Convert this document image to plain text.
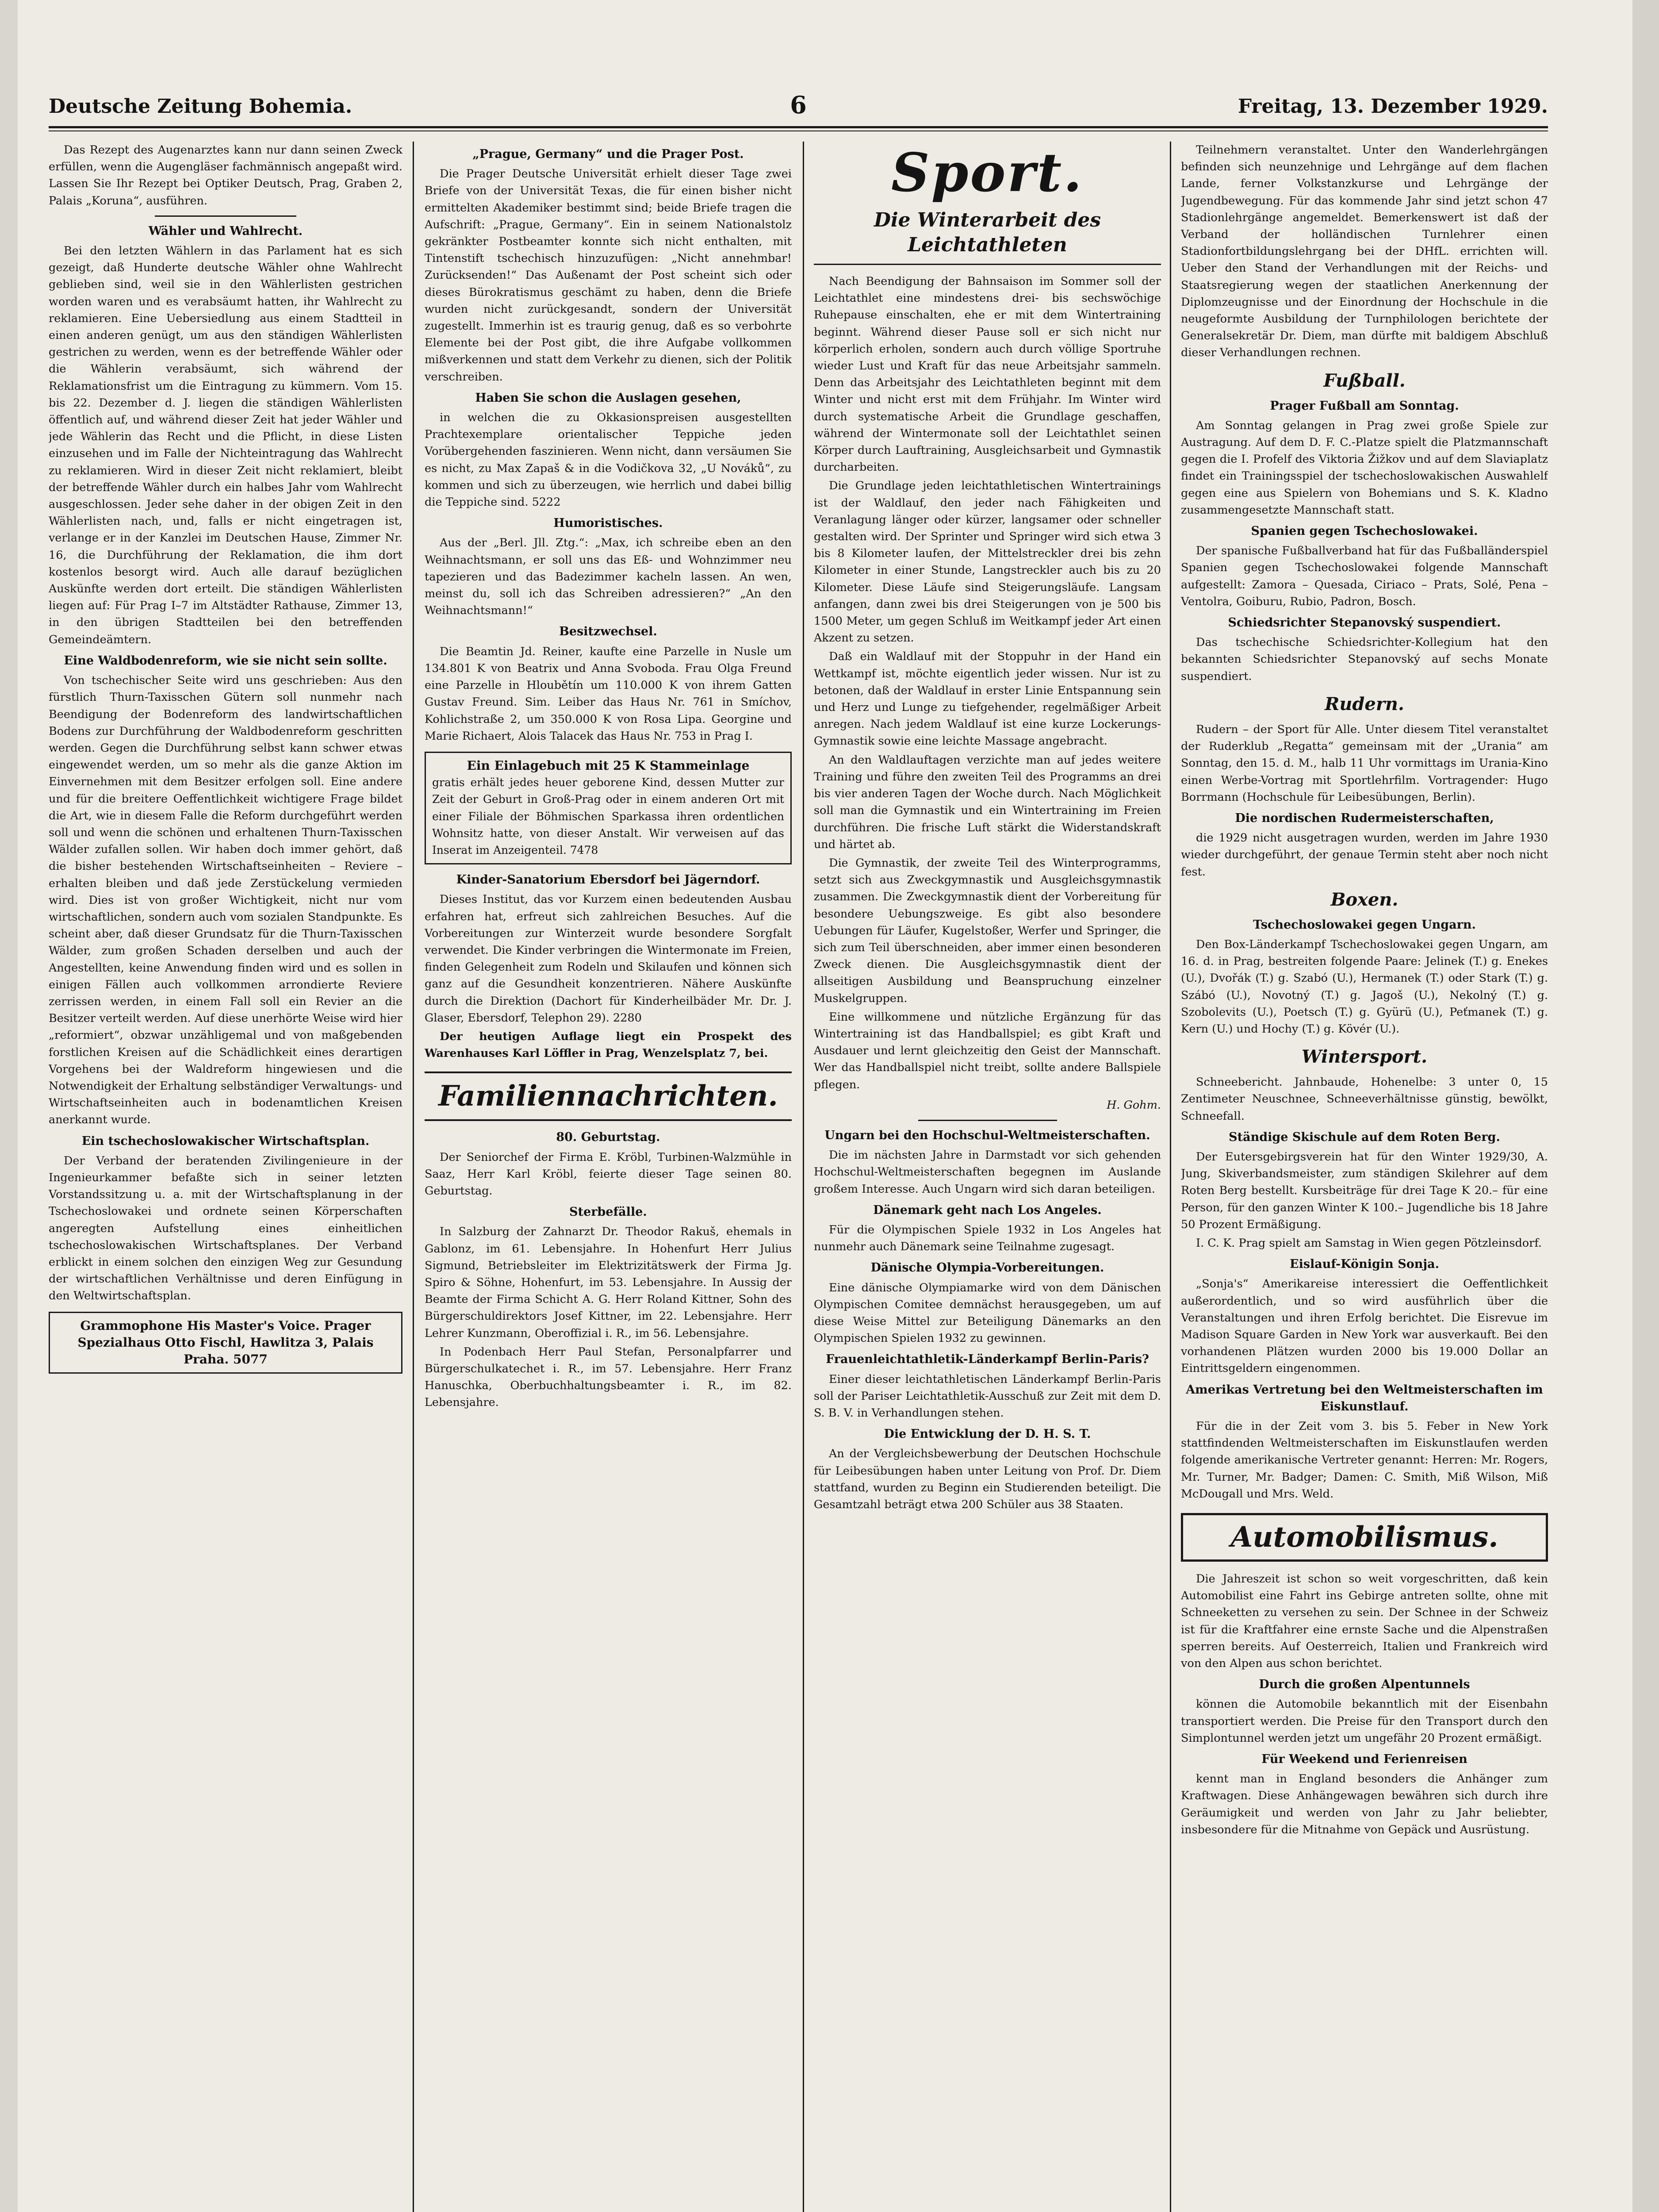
Deutsche Zeitung Bohemia.	6	Freitag, 13. Dezember 1929.

Das Rezept des Augenarztes kann nur dann seinen Zweck erfüllen, wenn die Augengläser fachmännisch angepaßt wird. Lassen Sie Ihr Rezept bei Optiker Deutsch, Prag, Graben 2, Palais „Koruna“, ausführen.

Wähler und Wahlrecht.

Bei den letzten Wählern in das Parlament hat es sich gezeigt, daß Hunderte deutsche Wähler ohne Wahlrecht geblieben sind, weil sie in den Wählerlisten gestrichen worden waren und es verabsäumt hatten, ihr Wahlrecht zu reklamieren. Eine Uebersiedlung aus einem Stadtteil in einen anderen genügt, um aus den ständigen Wählerlisten gestrichen zu werden, wenn es der betreffende Wähler oder die Wählerin verabsäumt, sich während der Reklamationsfrist um die Eintragung zu kümmern. Vom 15. bis 22. Dezember d. J. liegen die ständigen Wählerlisten öffentlich auf, und während dieser Zeit hat jeder Wähler und jede Wählerin das Recht und die Pflicht, in diese Listen einzusehen und im Falle der Nichteintragung das Wahlrecht zu reklamieren. Wird in dieser Zeit nicht reklamiert, bleibt der betreffende Wähler durch ein halbes Jahr vom Wahlrecht ausgeschlossen. Jeder sehe daher in der obigen Zeit in den Wählerlisten nach, und, falls er nicht eingetragen ist, verlange er in der Kanzlei im Deutschen Hause, Zimmer Nr. 16, die Durchführung der Reklamation, die ihm dort kostenlos besorgt wird. Auch alle darauf bezüglichen Auskünfte werden dort erteilt. Die ständigen Wählerlisten liegen auf: Für Prag I–7 im Altstädter Rathause, Zimmer 13, in den übrigen Stadtteilen bei den betreffenden Gemeindeämtern.

Eine Waldbodenreform, wie sie nicht sein sollte.

Von tschechischer Seite wird uns geschrieben: Aus den fürstlich Thurn-Taxisschen Gütern soll nunmehr nach Beendigung der Bodenreform des landwirtschaftlichen Bodens zur Durchführung der Waldbodenreform geschritten werden. Gegen die Durchführung selbst kann schwer etwas eingewendet werden, um so mehr als die ganze Aktion im Einvernehmen mit dem Besitzer erfolgen soll. Eine andere und für die breitere Oeffentlichkeit wichtigere Frage bildet die Art, wie in diesem Falle die Reform durchgeführt werden soll und wenn die schönen und erhaltenen Thurn-Taxisschen Wälder zufallen sollen. Wir haben doch immer gehört, daß die bisher bestehenden Wirtschaftseinheiten – Reviere – erhalten bleiben und daß jede Zerstückelung vermieden wird. Dies ist von großer Wichtigkeit, nicht nur vom wirtschaftlichen, sondern auch vom sozialen Standpunkte. Es scheint aber, daß dieser Grundsatz für die Thurn-Taxisschen Wälder, zum großen Schaden derselben und auch der Angestellten, keine Anwendung finden wird und es sollen in einigen Fällen auch vollkommen arrondierte Reviere zerrissen werden, in einem Fall soll ein Revier an die Besitzer verteilt werden. Auf diese unerhörte Weise wird hier „reformiert“, obzwar unzähligemal und von maßgebenden forstlichen Kreisen auf die Schädlichkeit eines derartigen Vorgehens bei der Waldreform hingewiesen und die Notwendigkeit der Erhaltung selbständiger Verwaltungs- und Wirtschaftseinheiten auch in bodenamtlichen Kreisen anerkannt wurde.

Ein tschechoslowakischer Wirtschaftsplan.

Der Verband der beratenden Zivilingenieure in der Ingenieurkammer befaßte sich in seiner letzten Vorstandssitzung u. a. mit der Wirtschaftsplanung in der Tschechoslowakei und ordnete seinen Körperschaften angeregten Aufstellung eines einheitlichen tschechoslowakischen Wirtschaftsplanes. Der Verband erblickt in einem solchen den einzigen Weg zur Gesundung der wirtschaftlichen Verhältnisse und deren Einfügung in den Weltwirtschaftsplan.

Grammophone His Master's Voice. Prager Spezialhaus Otto Fischl, Hawlitza 3, Palais Praha. 5077
„Prague, Germany“ und die Prager Post.

Die Prager Deutsche Universität erhielt dieser Tage zwei Briefe von der Universität Texas, die für einen bisher nicht ermittelten Akademiker bestimmt sind; beide Briefe tragen die Aufschrift: „Prague, Germany“. Ein in seinem Nationalstolz gekränkter Postbeamter konnte sich nicht enthalten, mit Tintenstift tschechisch hinzuzufügen: „Nicht annehmbar! Zurücksenden!“ Das Außenamt der Post scheint sich oder dieses Bürokratismus geschämt zu haben, denn die Briefe wurden nicht zurückgesandt, sondern der Universität zugestellt. Immerhin ist es traurig genug, daß es so verbohrte Elemente bei der Post gibt, die ihre Aufgabe vollkommen mißverkennen und statt dem Verkehr zu dienen, sich der Politik verschreiben.

Haben Sie schon die Auslagen gesehen,

in welchen die zu Okkasionspreisen ausgestellten Prachtexemplare orientalischer Teppiche jeden Vorübergehenden faszinieren. Wenn nicht, dann versäumen Sie es nicht, zu Max Zapaš & in die Vodičkova 32, „U Nováků“, zu kommen und sich zu überzeugen, wie herrlich und dabei billig die Teppiche sind. 5222

Humoristisches.

Aus der „Berl. Jll. Ztg.“: „Max, ich schreibe eben an den Weihnachtsmann, er soll uns das Eß- und Wohnzimmer neu tapezieren und das Badezimmer kacheln lassen. An wen, meinst du, soll ich das Schreiben adressieren?“ „An den Weihnachtsmann!“

Besitzwechsel.

Die Beamtin Jd. Reiner, kaufte eine Parzelle in Nusle um 134.801 K von Beatrix und Anna Svoboda. Frau Olga Freund eine Parzelle in Hloubětín um 110.000 K von ihrem Gatten Gustav Freund. Sim. Leiber das Haus Nr. 761 in Smíchov, Kohlichstraße 2, um 350.000 K von Rosa Lipa. Georgine und Marie Richaert, Alois Talacek das Haus Nr. 753 in Prag I.

Ein Einlagebuch mit 25 K Stammeinlage
gratis erhält jedes heuer geborene Kind, dessen Mutter zur Zeit der Geburt in Groß-Prag oder in einem anderen Ort mit einer Filiale der Böhmischen Sparkassa ihren ordentlichen Wohnsitz hatte, von dieser Anstalt. Wir verweisen auf das Inserat im Anzeigenteil. 7478
Kinder-Sanatorium Ebersdorf bei Jägerndorf.

Dieses Institut, das vor Kurzem einen bedeutenden Ausbau erfahren hat, erfreut sich zahlreichen Besuches. Auf die Vorbereitungen zur Winterzeit wurde besondere Sorgfalt verwendet. Die Kinder verbringen die Wintermonate im Freien, finden Gelegenheit zum Rodeln und Skilaufen und können sich ganz auf die Gesundheit konzentrieren. Nähere Auskünfte durch die Direktion (Dachort für Kinderheilbäder Mr. Dr. J. Glaser, Ebersdorf, Telephon 29). 2280

Der heutigen Auflage liegt ein Prospekt des Warenhauses Karl Löffler in Prag, Wenzelsplatz 7, bei.

Familiennachrichten.
80. Geburtstag.

Der Seniorchef der Firma E. Kröbl, Turbinen-Walzmühle in Saaz, Herr Karl Kröbl, feierte dieser Tage seinen 80. Geburtstag.

Sterbefälle.

In Salzburg der Zahnarzt Dr. Theodor Rakuš, ehemals in Gablonz, im 61. Lebensjahre. In Hohenfurt Herr Julius Sigmund, Betriebsleiter im Elektrizitätswerk der Firma Jg. Spiro & Söhne, Hohenfurt, im 53. Lebensjahre. In Aussig der Beamte der Firma Schicht A. G. Herr Roland Kittner, Sohn des Bürgerschuldirektors Josef Kittner, im 22. Lebensjahre. Herr Lehrer Kunzmann, Oberoffizial i. R., im 56. Lebensjahre.

In Podenbach Herr Paul Stefan, Personalpfarrer und Bürgerschulkatechet i. R., im 57. Lebensjahre. Herr Franz Hanuschka, Oberbuchhaltungsbeamter i. R., im 82. Lebensjahre.

Sport.
Die Winterarbeit des Leichtathleten

Nach Beendigung der Bahnsaison im Sommer soll der Leichtathlet eine mindestens drei- bis sechswöchige Ruhepause einschalten, ehe er mit dem Wintertraining beginnt. Während dieser Pause soll er sich nicht nur körperlich erholen, sondern auch durch völlige Sportruhe wieder Lust und Kraft für das neue Arbeitsjahr sammeln. Denn das Arbeitsjahr des Leichtathleten beginnt mit dem Winter und nicht erst mit dem Frühjahr. Im Winter wird durch systematische Arbeit die Grundlage geschaffen, während der Wintermonate soll der Leichtathlet seinen Körper durch Lauftraining, Ausgleichsarbeit und Gymnastik durcharbeiten.

Die Grundlage jeden leichtathletischen Wintertrainings ist der Waldlauf, den jeder nach Fähigkeiten und Veranlagung länger oder kürzer, langsamer oder schneller gestalten wird. Der Sprinter und Springer wird sich etwa 3 bis 8 Kilometer laufen, der Mittelstreckler drei bis zehn Kilometer in einer Stunde, Langstreckler auch bis zu 20 Kilometer. Diese Läufe sind Steigerungsläufe. Langsam anfangen, dann zwei bis drei Steigerungen von je 500 bis 1500 Meter, um gegen Schluß im Weitkampf jeder Art einen Akzent zu setzen.

Daß ein Waldlauf mit der Stoppuhr in der Hand ein Wettkampf ist, möchte eigentlich jeder wissen. Nur ist zu betonen, daß der Waldlauf in erster Linie Entspannung sein und Herz und Lunge zu tiefgehender, regelmäßiger Arbeit anregen. Nach jedem Waldlauf ist eine kurze Lockerungs-Gymnastik sowie eine leichte Massage angebracht.

An den Waldlauftagen verzichte man auf jedes weitere Training und führe den zweiten Teil des Programms an drei bis vier anderen Tagen der Woche durch. Nach Möglichkeit soll man die Gymnastik und ein Wintertraining im Freien durchführen. Die frische Luft stärkt die Widerstandskraft und härtet ab.

Die Gymnastik, der zweite Teil des Winterprogramms, setzt sich aus Zweckgymnastik und Ausgleichsgymnastik zusammen. Die Zweckgymnastik dient der Vorbereitung für besondere Uebungszweige. Es gibt also besondere Uebungen für Läufer, Kugelstoßer, Werfer und Springer, die sich zum Teil überschneiden, aber immer einen besonderen Zweck dienen. Die Ausgleichsgymnastik dient der allseitigen Ausbildung und Beanspruchung einzelner Muskelgruppen.

Eine willkommene und nützliche Ergänzung für das Wintertraining ist das Handballspiel; es gibt Kraft und Ausdauer und lernt gleichzeitig den Geist der Mannschaft. Wer das Handballspiel nicht treibt, sollte andere Ballspiele pflegen.

H. Gohm.
Ungarn bei den Hochschul-Weltmeisterschaften.

Die im nächsten Jahre in Darmstadt vor sich gehenden Hochschul-Weltmeisterschaften begegnen im Auslande großem Interesse. Auch Ungarn wird sich daran beteiligen.

Dänemark geht nach Los Angeles.

Für die Olympischen Spiele 1932 in Los Angeles hat nunmehr auch Dänemark seine Teilnahme zugesagt.

Dänische Olympia-Vorbereitungen.

Eine dänische Olympiamarke wird von dem Dänischen Olympischen Comitee demnächst herausgegeben, um auf diese Weise Mittel zur Beteiligung Dänemarks an den Olympischen Spielen 1932 zu gewinnen.

Frauenleichtathletik-Länderkampf Berlin-Paris?

Einer dieser leichtathletischen Länderkampf Berlin-Paris soll der Pariser Leichtathletik-Ausschuß zur Zeit mit dem D. S. B. V. in Verhandlungen stehen.

Die Entwicklung der D. H. S. T.

An der Vergleichsbewerbung der Deutschen Hochschule für Leibesübungen haben unter Leitung von Prof. Dr. Diem stattfand, wurden zu Beginn ein Studierenden beteiligt. Die Gesamtzahl beträgt etwa 200 Schüler aus 38 Staaten.

Teilnehmern veranstaltet. Unter den Wanderlehrgängen befinden sich neunzehnige und Lehrgänge auf dem flachen Lande, ferner Volkstanzkurse und Lehrgänge der Jugendbewegung. Für das kommende Jahr sind jetzt schon 47 Stadionlehrgänge angemeldet. Bemerkenswert ist daß der Verband der holländischen Turnlehrer einen Stadionfortbildungslehrgang bei der DHfL. errichten will. Ueber den Stand der Verhandlungen mit der Reichs- und Staatsregierung wegen der staatlichen Anerkennung der Diplomzeugnisse und der Einordnung der Hochschule in die neugeformte Ausbildung der Turnphilologen berichtete der Generalsekretär Dr. Diem, man dürfte mit baldigem Abschluß dieser Verhandlungen rechnen.

Fußball.
Prager Fußball am Sonntag.

Am Sonntag gelangen in Prag zwei große Spiele zur Austragung. Auf dem D. F. C.-Platze spielt die Platzmannschaft gegen die I. Profelf des Viktoria Žižkov und auf dem Slaviaplatz findet ein Trainingsspiel der tschechoslowakischen Auswahlelf gegen eine aus Spielern von Bohemians und S. K. Kladno zusammengesetzte Mannschaft statt.

Spanien gegen Tschechoslowakei.

Der spanische Fußballverband hat für das Fußballänderspiel Spanien gegen Tschechoslowakei folgende Mannschaft aufgestellt: Zamora – Quesada, Ciriaco – Prats, Solé, Pena – Ventolra, Goiburu, Rubio, Padron, Bosch.

Schiedsrichter Stepanovský suspendiert.

Das tschechische Schiedsrichter-Kollegium hat den bekannten Schiedsrichter Stepanovský auf sechs Monate suspendiert.

Rudern.

Rudern – der Sport für Alle. Unter diesem Titel veranstaltet der Ruderklub „Regatta“ gemeinsam mit der „Urania“ am Sonntag, den 15. d. M., halb 11 Uhr vormittags im Urania-Kino einen Werbe-Vortrag mit Sportlehrfilm. Vortragender: Hugo Borrmann (Hochschule für Leibesübungen, Berlin).

Die nordischen Rudermeisterschaften,

die 1929 nicht ausgetragen wurden, werden im Jahre 1930 wieder durchgeführt, der genaue Termin steht aber noch nicht fest.

Boxen.
Tschechoslowakei gegen Ungarn.

Den Box-Länderkampf Tschechoslowakei gegen Ungarn, am 16. d. in Prag, bestreiten folgende Paare: Jelinek (T.) g. Enekes (U.), Dvořák (T.) g. Szabó (U.), Hermanek (T.) oder Stark (T.) g. Szábó (U.), Novotný (T.) g. Jagoš (U.), Nekolný (T.) g. Szobolevits (U.), Poetsch (T.) g. Gyürü (U.), Peťmanek (T.) g. Kern (U.) und Hochy (T.) g. Kövér (U.).

Wintersport.

Schneebericht. Jahnbaude, Hohenelbe: 3 unter 0, 15 Zentimeter Neuschnee, Schneeverhältnisse günstig, bewölkt, Schneefall.

Ständige Skischule auf dem Roten Berg.

Der Eutersgebirgsverein hat für den Winter 1929/30, A. Jung, Skiverbandsmeister, zum ständigen Skilehrer auf dem Roten Berg bestellt. Kursbeiträge für drei Tage K 20.– für eine Person, für den ganzen Winter K 100.– Jugendliche bis 18 Jahre 50 Prozent Ermäßigung.

I. C. K. Prag spielt am Samstag in Wien gegen Pötzleinsdorf.

Eislauf-Königin Sonja.

„Sonja's“ Amerikareise interessiert die Oeffentlichkeit außerordentlich, und so wird ausführlich über die Veranstaltungen und ihren Erfolg berichtet. Die Eisrevue im Madison Square Garden in New York war ausverkauft. Bei den vorhandenen Plätzen wurden 2000 bis 19.000 Dollar an Eintrittsgeldern eingenommen.

Amerikas Vertretung bei den Weltmeisterschaften im Eiskunstlauf.

Für die in der Zeit vom 3. bis 5. Feber in New York stattfindenden Weltmeisterschaften im Eiskunstlaufen werden folgende amerikanische Vertreter genannt: Herren: Mr. Rogers, Mr. Turner, Mr. Badger; Damen: C. Smith, Miß Wilson, Miß McDougall und Mrs. Weld.

Automobilismus.

Die Jahreszeit ist schon so weit vorgeschritten, daß kein Automobilist eine Fahrt ins Gebirge antreten sollte, ohne mit Schneeketten zu versehen zu sein. Der Schnee in der Schweiz ist für die Kraftfahrer eine ernste Sache und die Alpenstraßen sperren bereits. Auf Oesterreich, Italien und Frankreich wird von den Alpen aus schon berichtet.

Durch die großen Alpentunnels

können die Automobile bekanntlich mit der Eisenbahn transportiert werden. Die Preise für den Transport durch den Simplontunnel werden jetzt um ungefähr 20 Prozent ermäßigt.

Für Weekend und Ferienreisen

kennt man in England besonders die Anhänger zum Kraftwagen. Diese Anhängewagen bewähren sich durch ihre Geräumigkeit und werden von Jahr zu Jahr beliebter, insbesondere für die Mitnahme von Gepäck und Ausrüstung.
